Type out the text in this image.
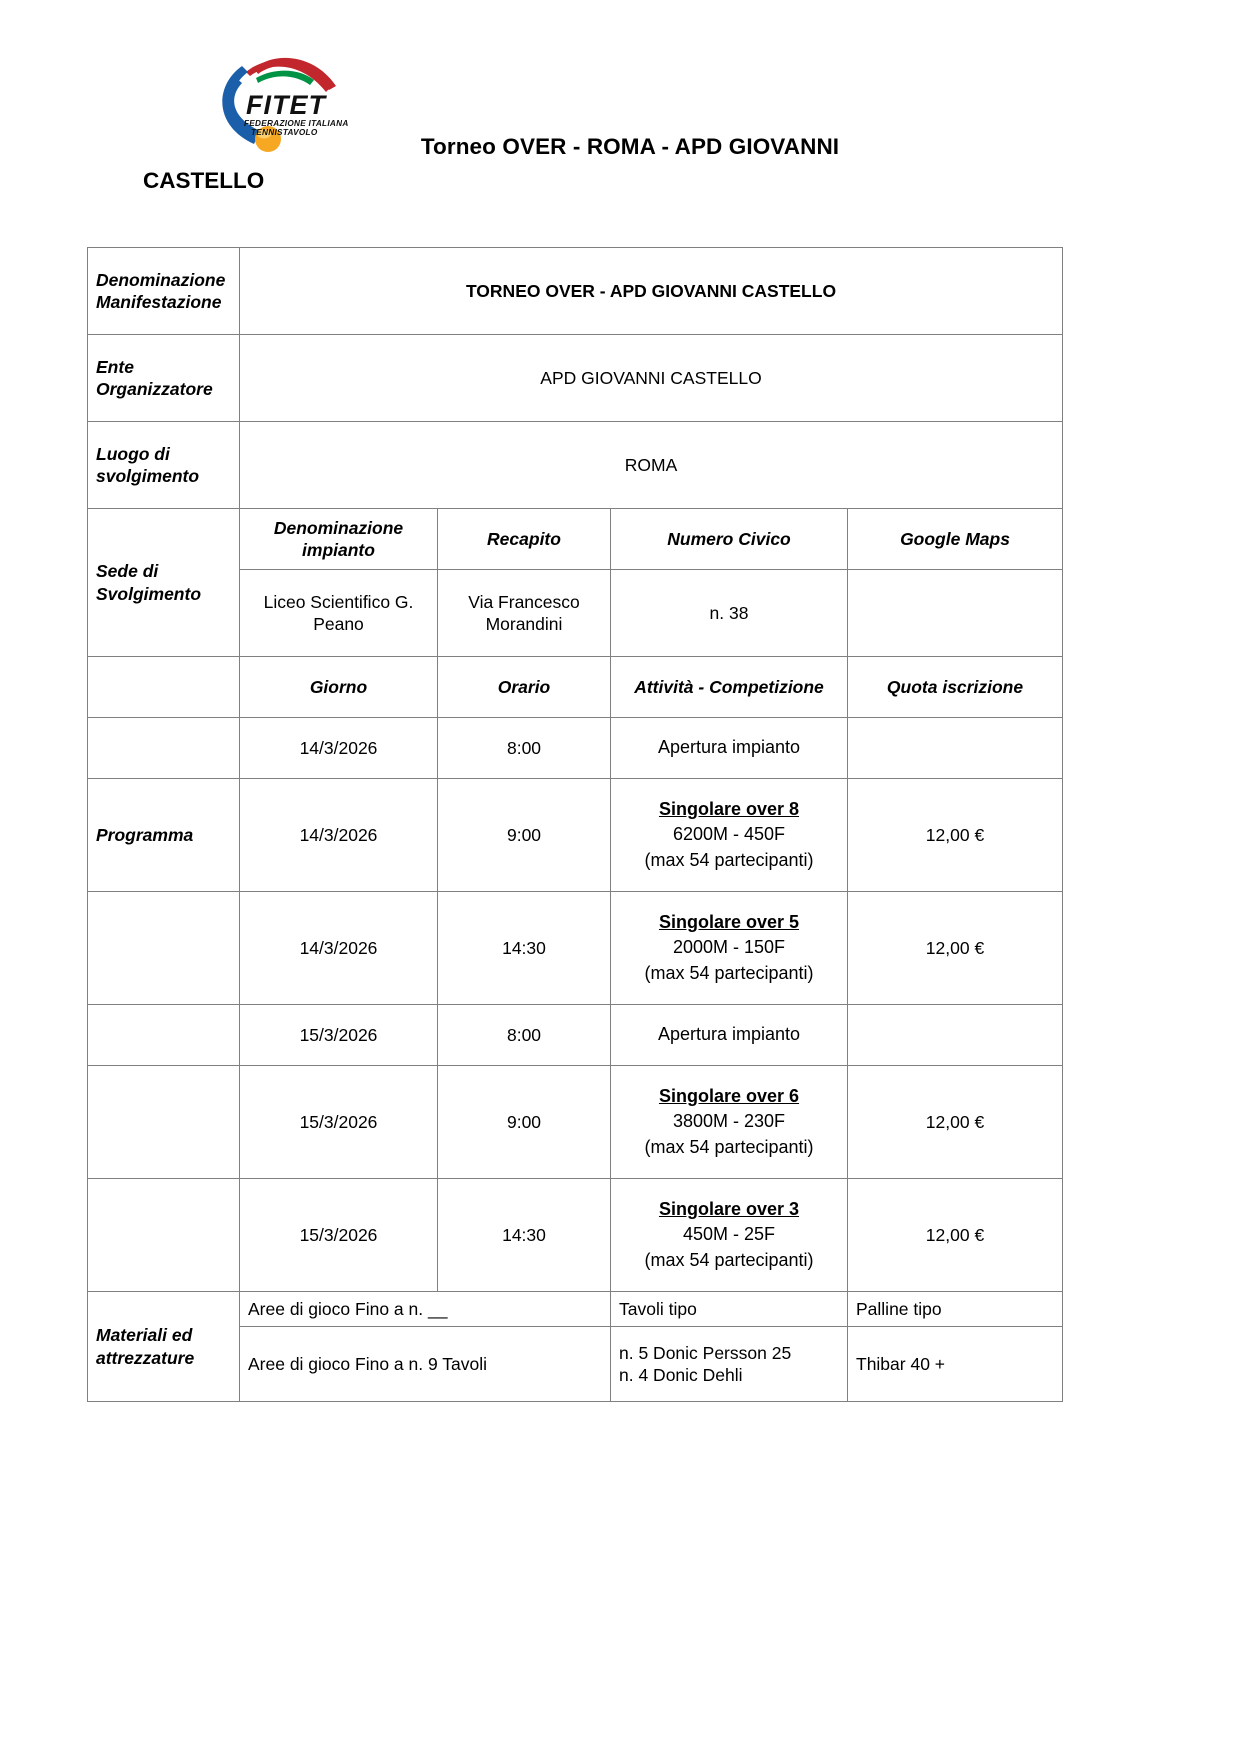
FITET
FEDERAZIONE ITALIANA
TENNISTAVOLO
Torneo OVER - ROMA - APD GIOVANNI
CASTELLO
Denominazione Manifestazione	TORNEO OVER - APD GIOVANNI CASTELLO			
Ente Organizzatore	APD GIOVANNI CASTELLO			
Luogo di svolgimento	ROMA			
Sede di Svolgimento	Denominazione impianto	Recapito	Numero Civico	Google Maps
	Liceo Scientifico G. Peano	Via Francesco Morandini	n. 38	
	Giorno	Orario	Attività - Competizione	Quota iscrizione
	14/3/2026	8:00	Apertura impianto	

Programma	14/3/2026	9:00	Singolare over 8
6200M - 450F
(max 54 partecipanti)	12,00 €
	14/3/2026	14:30	Singolare over 5
2000M - 150F
(max 54 partecipanti)	12,00 €
	15/3/2026	8:00	Apertura impianto	

	15/3/2026	9:00	Singolare over 6
3800M - 230F
(max 54 partecipanti)	12,00 €
	15/3/2026	14:30	Singolare over 3
450M - 25F
(max 54 partecipanti)	12,00 €
Materiali ed attrezzature	Aree di gioco Fino a n. __		Tavoli tipo	Palline tipo
	Aree di gioco Fino a n. 9 Tavoli		n. 5 Donic Persson 25
n. 4 Donic Dehli	Thibar 40 +
